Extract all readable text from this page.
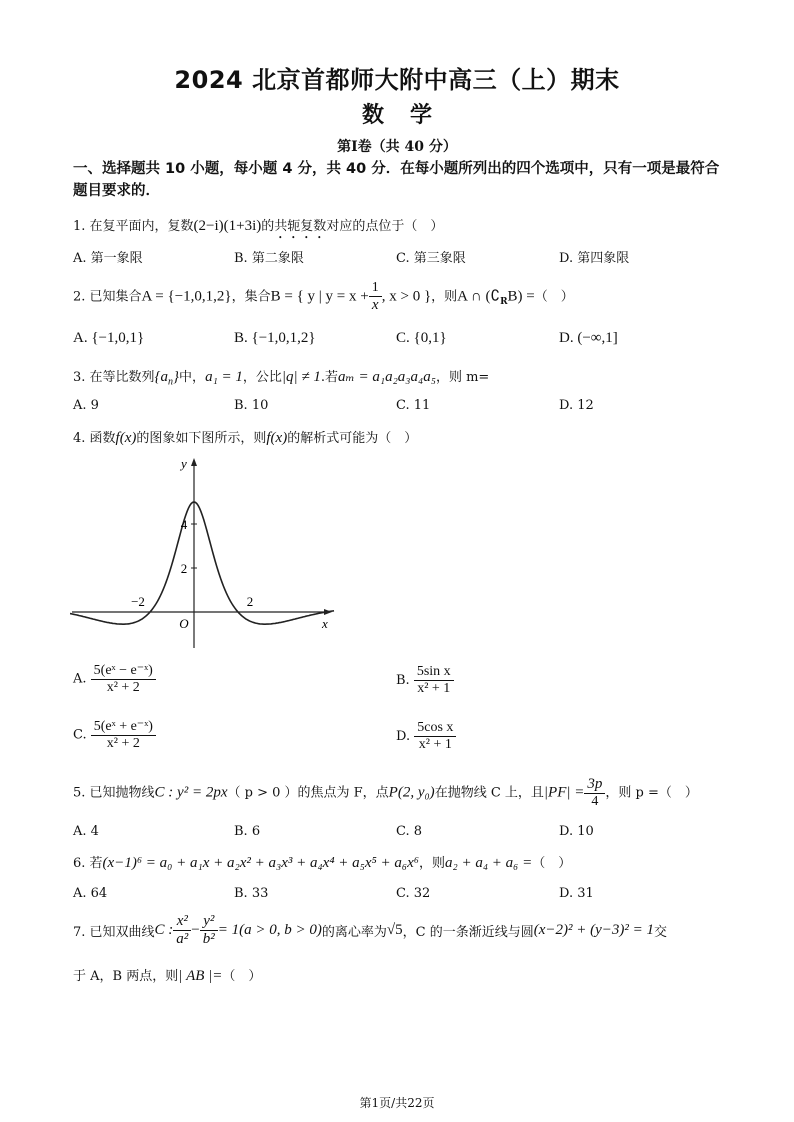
2024 北京首都师大附中高三（上）期末
数学
第Ⅰ卷（共 40 分）
一、选择题共 10 小题，每小题 4 分，共 40 分．在每小题所列出的四个选项中，只有一项是最符合题目要求的．
1. 在复平面内，复数(2−i)(1+3i)的共轭复数对应的点位于（　）
A. 第一象限	B. 第二象限	C. 第三象限	D. 第四象限
2. 已知集合A = {−1,0,1,2}，集合B = { y | $y = x + \frac{1}{x}$ , x > 0 }，则A ∩ $(∁_RB)$ =（　）
A. {−1,0,1}	B. {−1,0,1,2}	C. {0,1}	D. (−∞,1]
3. 在等比数列$\{a_n\}$中，a₁ = 1，公比|q| ≠ 1.若aₘ = a₁a₂a₃a₄a₅，则 m=
A. 9	B. 10	C. 11	D. 12
4. 函数f(x)的图象如下图所示，则f(x)的解析式可能为（　）
4
2
−2	2
O	x
y
A. $\frac{\text{5(eˣ − e⁻ˣ)}}{\text{x² + 2}}$	B. $\frac{\text{5sin x}}{\text{x² + 1}}$
C. $\frac{\text{5(eˣ + e⁻ˣ)}}{\text{x² + 2}}$	D. $\frac{\text{5cos x}}{\text{x² + 1}}$
5. 已知抛物线C : y² = 2px（ p > 0 ）的焦点为 F，点P(2, y₀)在抛物线 C 上，且$|PF| = \frac{3p}{4}$ ，则 p =（　）
A. 4	B. 6	C. 8	D. 10
6. 若(x−1)⁶ = a₀ + a₁x + a₂x² + a₃x³ + a₄x⁴ + a₅x⁵ + a₆x⁶，则a₂ + a₄ + a₆ =（　）
A. 64	B. 33	C. 32	D. 31
7. 已知双曲线C : $\frac{\text{x²}}{\text{a²}} - \frac{\text{y²}}{\text{b²}} = 1(a > 0$, b > 0)的离心率为√5，C 的一条渐近线与圆(x−2)² + (y−3)² = 1交
于 A，B 两点，则| AB |=（　）
第1页/共22页
